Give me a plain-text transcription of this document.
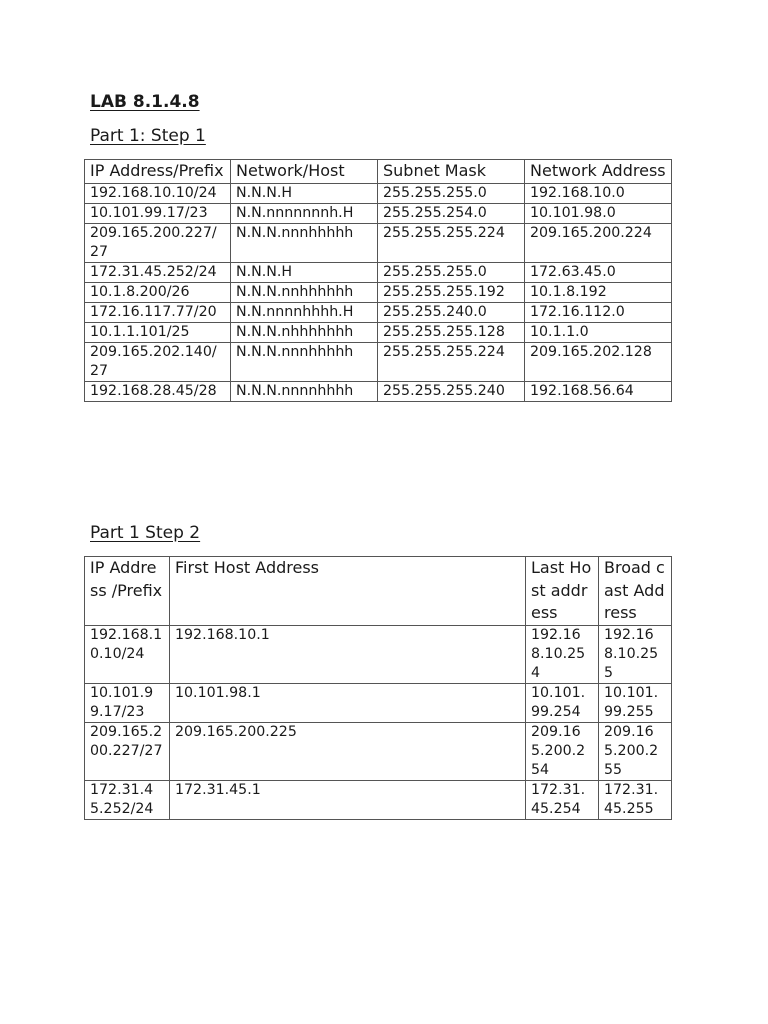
LAB 8.1.4.8
Part 1: Step 1
IP Address/Prefix	Network/Host	Subnet Mask	Network Address
192.168.10.10/24	N.N.N.H	255.255.255.0	192.168.10.0
10.101.99.17/23	N.N.nnnnnnnh.H	255.255.254.0	10.101.98.0
209.165.200.227/27	N.N.N.nnnhhhhh	255.255.255.224	209.165.200.224
172.31.45.252/24	N.N.N.H	255.255.255.0	172.63.45.0
10.1.8.200/26	N.N.N.nnhhhhhh	255.255.255.192	10.1.8.192
172.16.117.77/20	N.N.nnnnhhhh.H	255.255.240.0	172.16.112.0
10.1.1.101/25	N.N.N.nhhhhhhh	255.255.255.128	10.1.1.0
209.165.202.140/27	N.N.N.nnnhhhhh	255.255.255.224	209.165.202.128
192.168.28.45/28	N.N.N.nnnnhhhh	255.255.255.240	192.168.56.64
Part 1 Step 2
IP Address /Prefix	First Host Address	Last Host address	Broad cast Address
192.168.10.10/24	192.168.10.1	192.168.10.254	192.168.10.255
10.101.99.17/23	10.101.98.1	10.101.99.254	10.101.99.255
209.165.200.227/27	209.165.200.225	209.165.200.254	209.165.200.255
172.31.45.252/24	172.31.45.1	172.31.45.254	172.31.45.255
